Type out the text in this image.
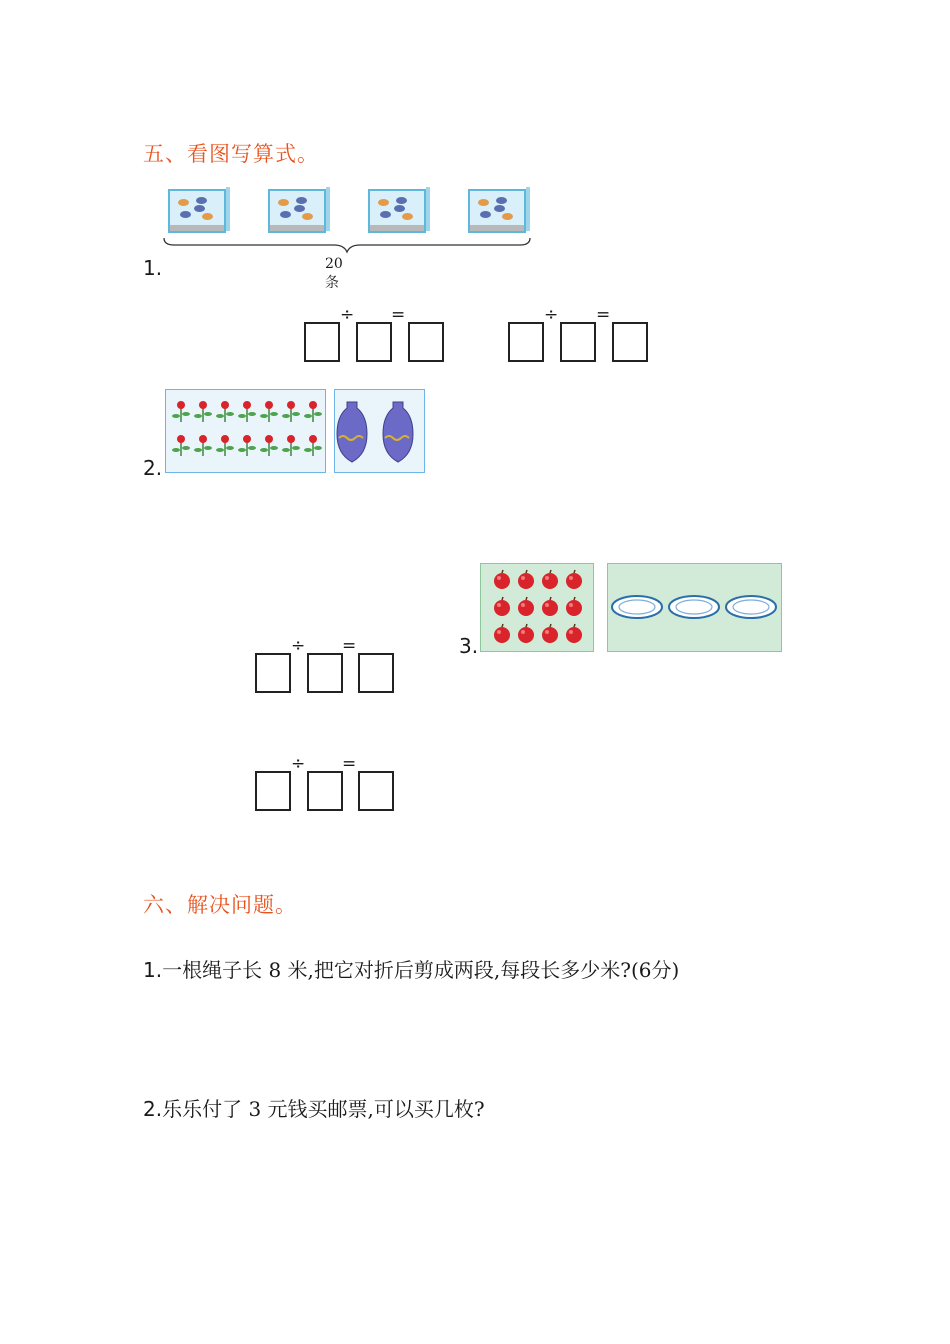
五、看图写算式。
20条
1.
÷ =	÷ =
2.
3.
÷ =
÷ =
六、解决问题。
1.一根绳子长 8 米,把它对折后剪成两段,每段长多少米?(6分)
2.乐乐付了 3 元钱买邮票,可以买几枚?
